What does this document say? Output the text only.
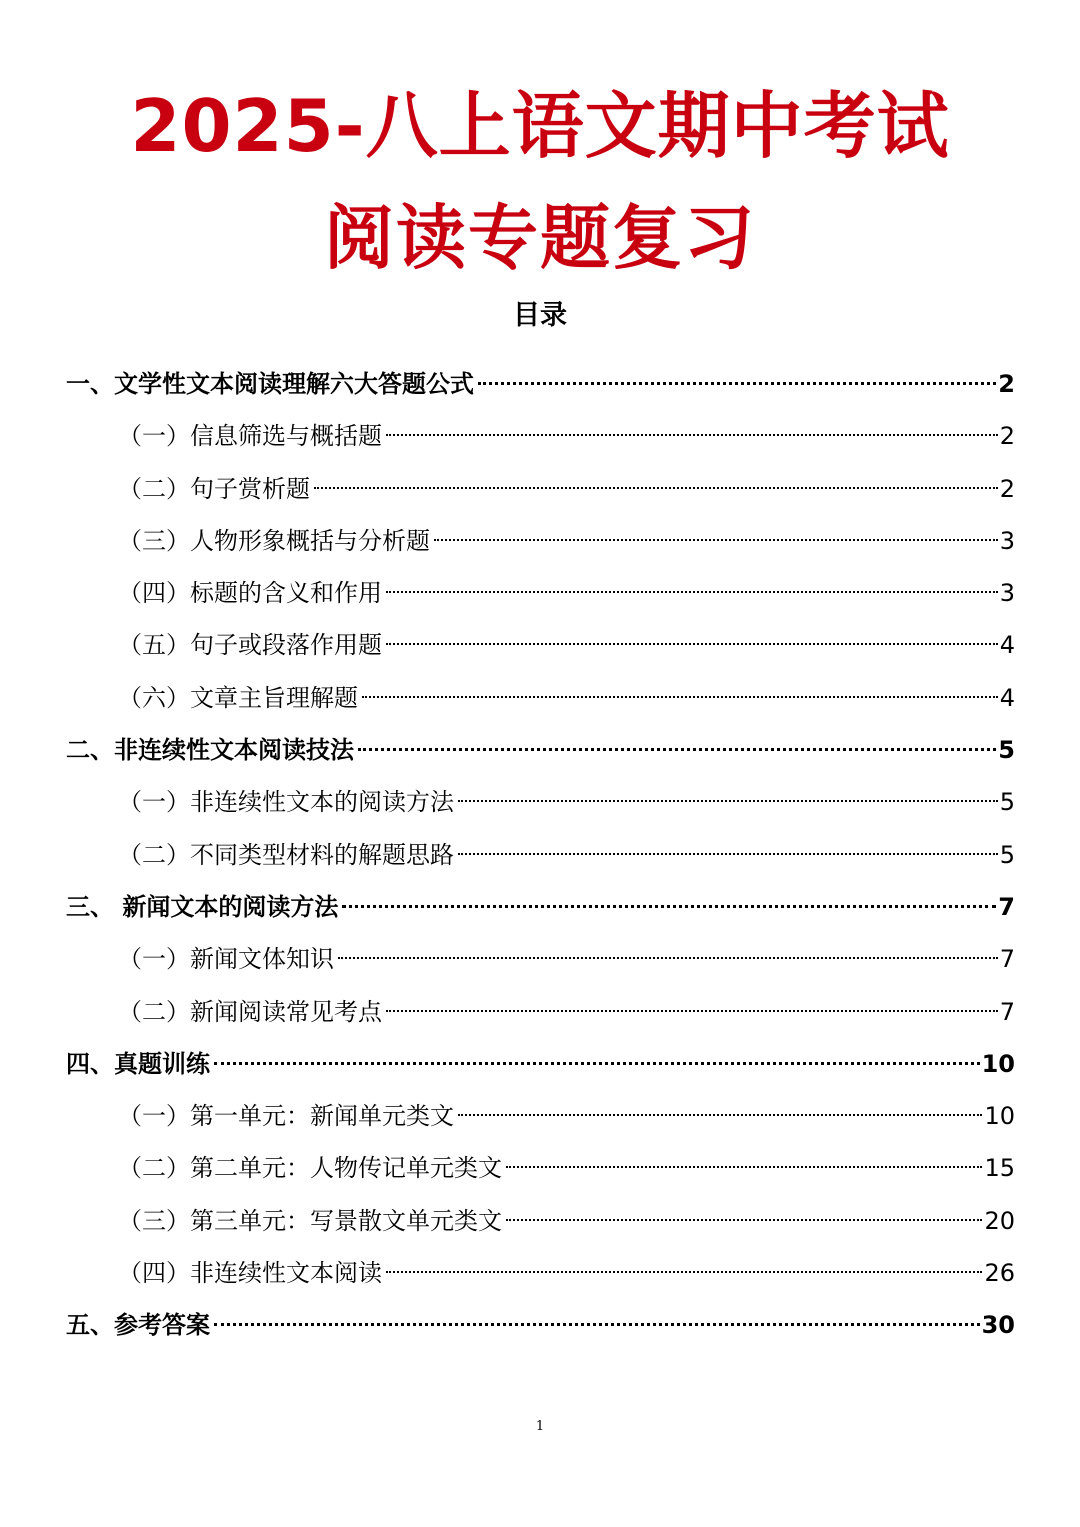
2025-八上语文期中考试
阅读专题复习
目录
一、文学性文本阅读理解六大答题公式	2
（一）信息筛选与概括题	2
（二）句子赏析题	2
（三）人物形象概括与分析题	3
（四）标题的含义和作用	3
（五）句子或段落作用题	4
（六）文章主旨理解题	4
二、非连续性文本阅读技法	5
（一）非连续性文本的阅读方法	5
（二）不同类型材料的解题思路	5
三、 新闻文本的阅读方法	7
（一）新闻文体知识	7
（二）新闻阅读常见考点	7
四、真题训练	10
（一）第一单元：新闻单元类文	10
（二）第二单元：人物传记单元类文	15
（三）第三单元：写景散文单元类文	20
（四）非连续性文本阅读	26
五、参考答案	30
1
